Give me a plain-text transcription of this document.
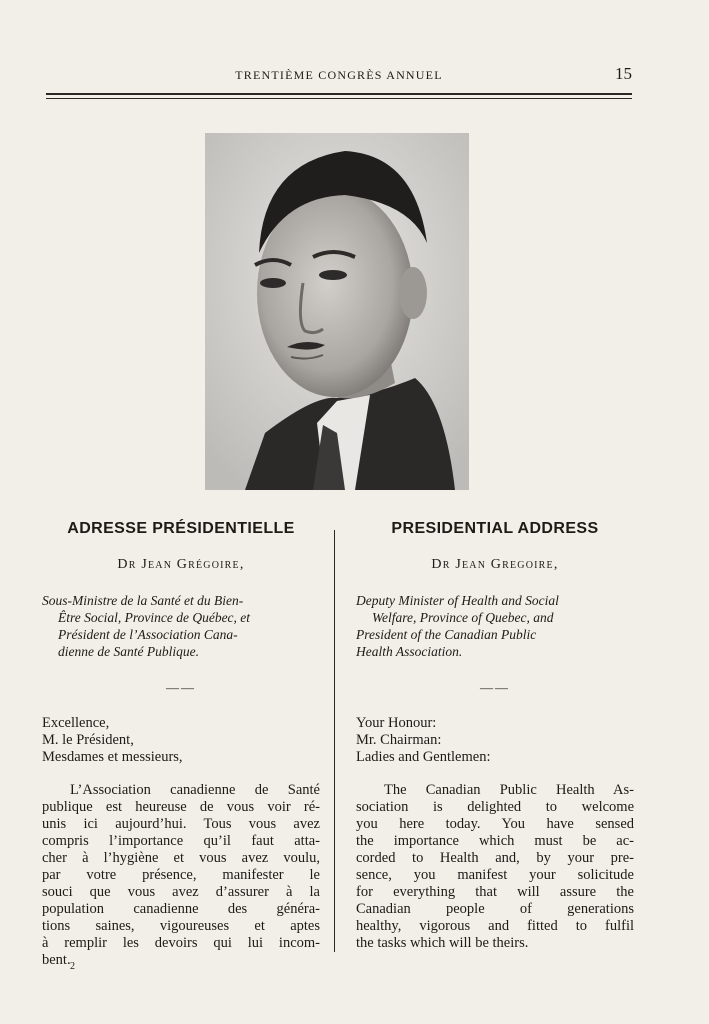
TRENTIÈME CONGRÈS ANNUEL	15
ADRESSE PRÉSIDENTIELLE
Dr Jean Grégoire,
Sous-Ministre de la Santé et du Bien-
Être Social, Province de Québec, et
Président de l’Association Cana-
dienne de Santé Publique.
——
Excellence,
M. le Président,
Mesdames et messieurs,
L’Association canadienne de Santé
publique est heureuse de vous voir ré-
unis ici aujourd’hui. Tous vous avez
compris l’importance qu’il faut atta-
cher à l’hygiène et vous avez voulu,
par votre présence, manifester le
souci que vous avez d’assurer à la
population canadienne des généra-
tions saines, vigoureuses et aptes
à remplir les devoirs qui lui incom-
bent.
PRESIDENTIAL ADDRESS
Dr Jean Gregoire,
Deputy Minister of Health and Social
Welfare, Province of Quebec, and
President of the Canadian Public
Health Association.
——
Your Honour:
Mr. Chairman:
Ladies and Gentlemen:
The Canadian Public Health As-
sociation is delighted to welcome
you here today. You have sensed
the importance which must be ac-
corded to Health and, by your pre-
sence, you manifest your solicitude
for everything that will assure the
Canadian people of generations
healthy, vigorous and fitted to fulfil
the tasks which will be theirs.
2
